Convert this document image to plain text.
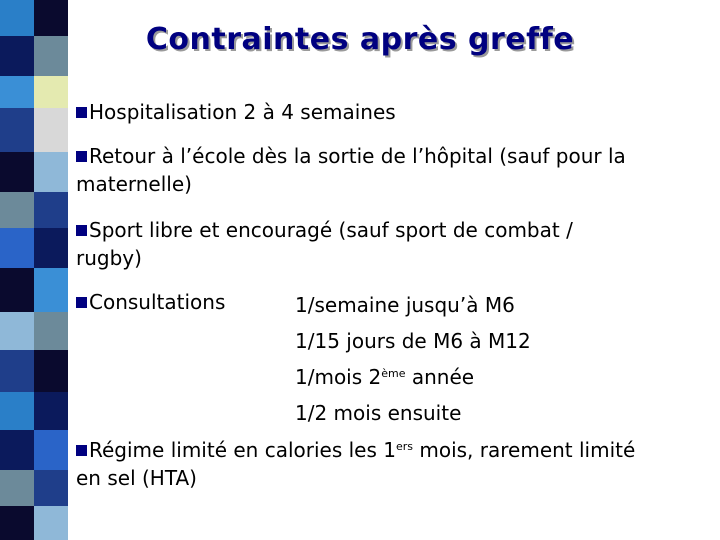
Contraintes après greffe
Hospitalisation 2 à 4 semaines
Retour à l’école dès la sortie de l’hôpital (sauf pour la
maternelle)
Sport libre et encouragé (sauf sport de combat /
rugby)
Consultations	1/semaine jusqu’à M6
1/15 jours de M6 à M12
1/mois 2ème année
1/2 mois ensuite
Régime limité en calories les 1ers mois, rarement limité
en sel (HTA)
